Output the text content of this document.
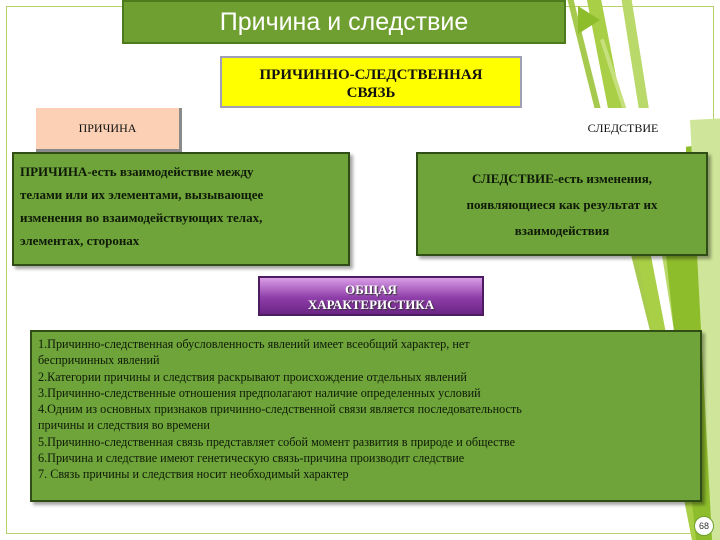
Причина и следствие
ПРИЧИННО-СЛЕДСТВЕННАЯ
СВЯЗЬ
ПРИЧИНА	СЛЕДСТВИЕ
ПРИЧИНА-есть взаимодействие между
телами или их элементами, вызывающее
изменения во взаимодействующих телах,
элементах, сторонах
СЛЕДСТВИЕ-есть изменения,
появляющиеся как результат их
взаимодействия
ОБЩАЯ
ХАРАКТЕРИСТИКА
1.Причинно-следственная обусловленность явлений имеет всеобщий характер, нет
беспричинных явлений
2.Категории причины и следствия раскрывают происхождение отдельных явлений
3.Причинно-следственные отношения предполагают наличие определенных условий
4.Одним из основных признаков причинно-следственной связи является последовательность
причины и следствия во времени
5.Причинно-следственная связь представляет собой момент развития в природе и обществе
6.Причина и следствие имеют генетическую связь-причина производит следствие
7. Связь причины и следствия носит необходимый характер
68
